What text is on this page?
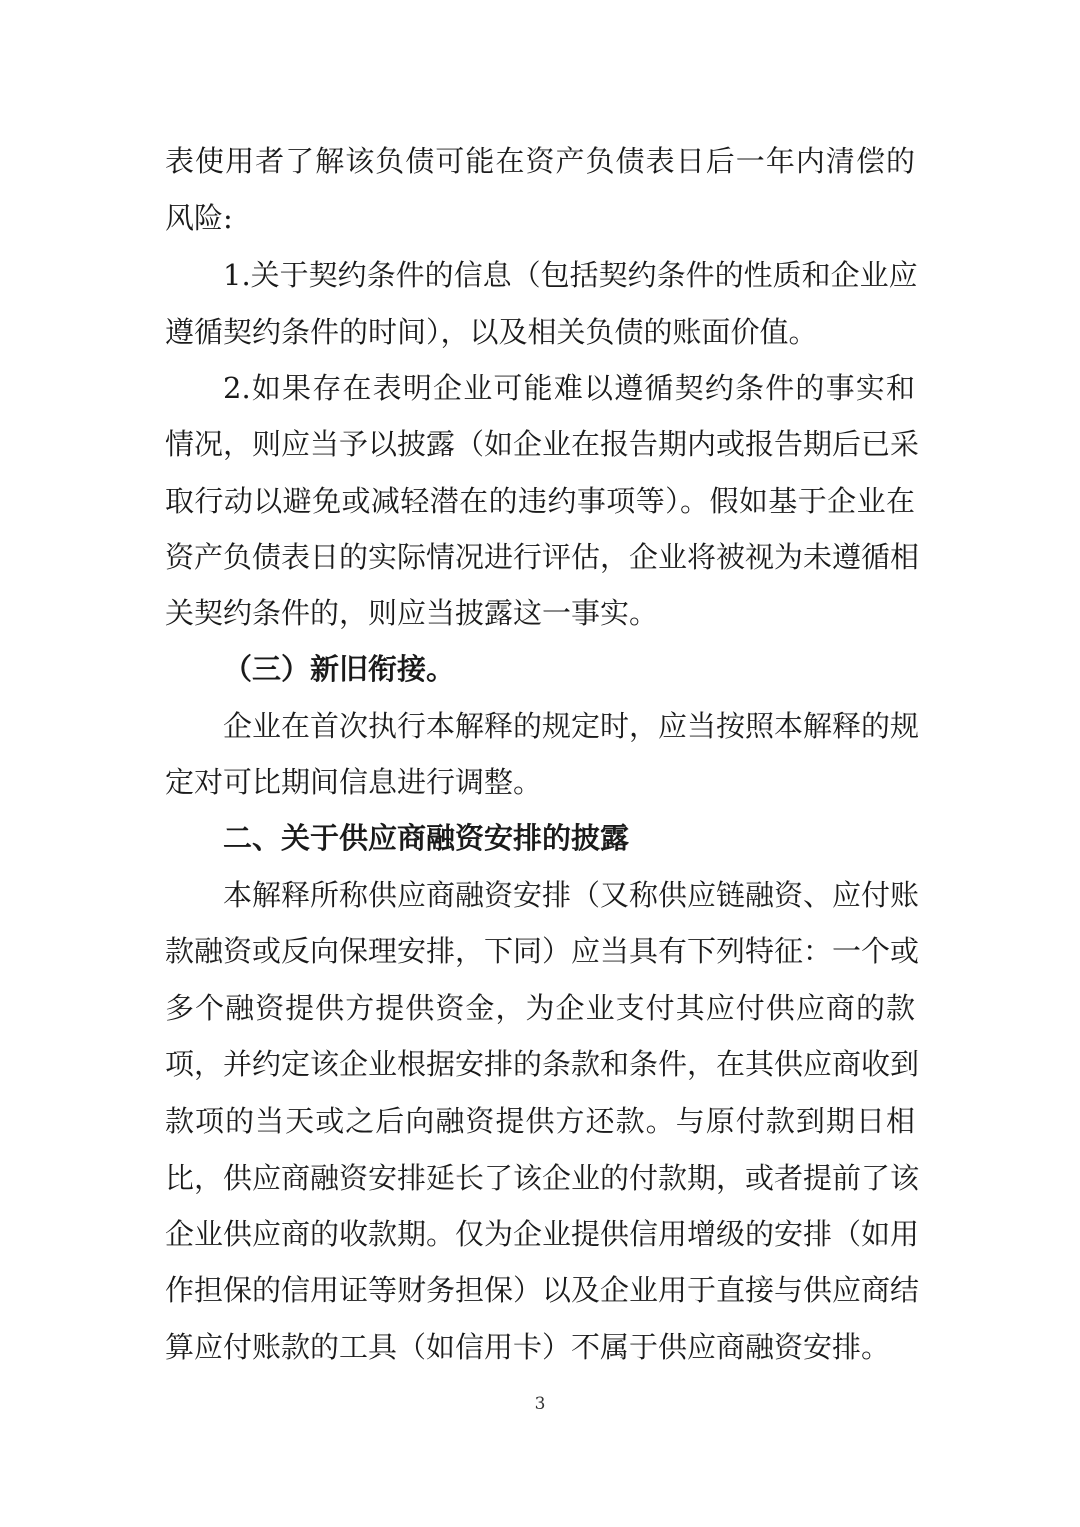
表使用者了解该负债可能在资产负债表日后一年内清偿的
风险:
1.关于契约条件的信息（包括契约条件的性质和企业应
遵循契约条件的时间），以及相关负债的账面价值。
2.如果存在表明企业可能难以遵循契约条件的事实和
情况，则应当予以披露（如企业在报告期内或报告期后已采
取行动以避免或减轻潜在的违约事项等）。假如基于企业在
资产负债表日的实际情况进行评估，企业将被视为未遵循相
关契约条件的，则应当披露这一事实。
（三）新旧衔接。
企业在首次执行本解释的规定时，应当按照本解释的规
定对可比期间信息进行调整。
二、关于供应商融资安排的披露
本解释所称供应商融资安排（又称供应链融资、应付账
款融资或反向保理安排，下同）应当具有下列特征：一个或
多个融资提供方提供资金，为企业支付其应付供应商的款
项，并约定该企业根据安排的条款和条件，在其供应商收到
款项的当天或之后向融资提供方还款。与原付款到期日相
比，供应商融资安排延长了该企业的付款期，或者提前了该
企业供应商的收款期。仅为企业提供信用增级的安排（如用
作担保的信用证等财务担保）以及企业用于直接与供应商结
算应付账款的工具（如信用卡）不属于供应商融资安排。
3
